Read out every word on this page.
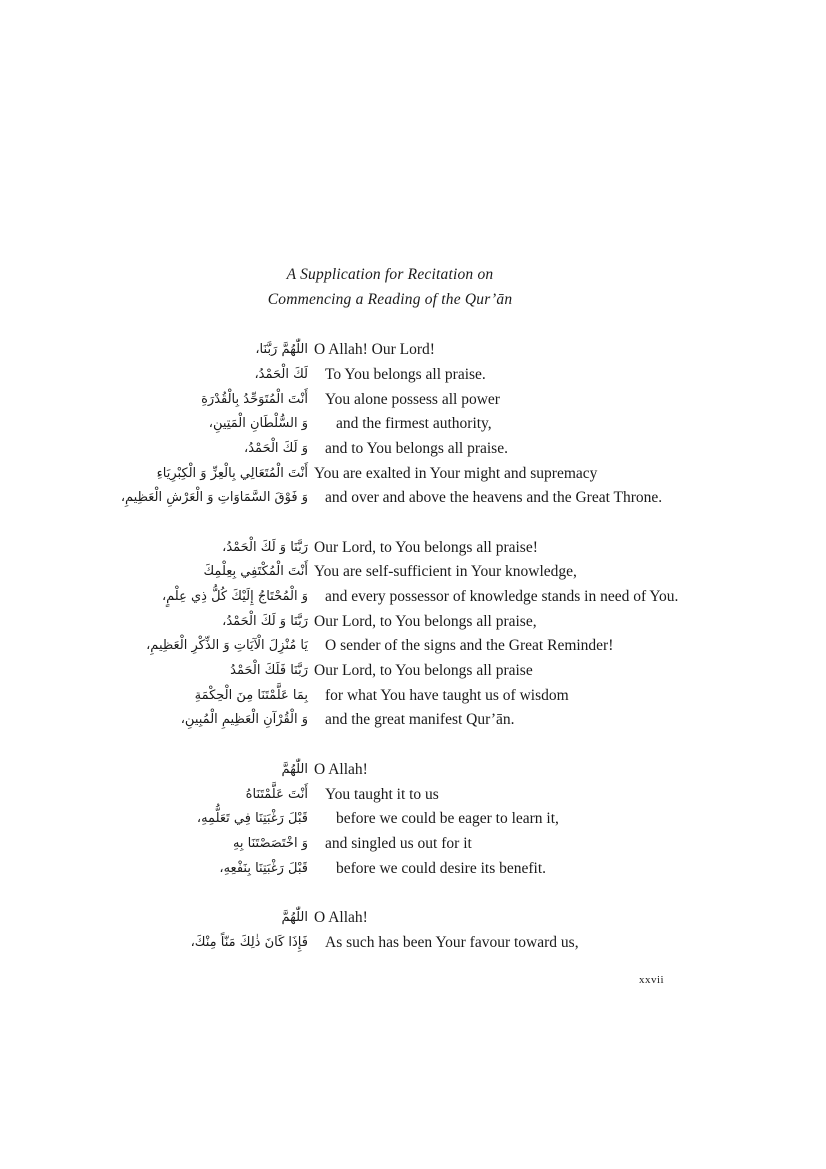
A Supplication for Recitation on
Commencing a Reading of the Qur’ān
اللّٰهُمَّ رَبَّنَا، O Allah! Our Lord!
لَكَ الْحَمْدُ، To You belongs all praise.
أَنْتَ الْمُتَوَحِّدُ بِالْقُدْرَةِ You alone possess all power
وَ السُّلْطَانِ الْمَتِينِ، and the firmest authority,
وَ لَكَ الْحَمْدُ، and to You belongs all praise.
أَنْتَ الْمُتَعَالِي بِالْعِزِّ وَ الْكِبْرِيَاءِ You are exalted in Your might and supremacy
وَ فَوْقَ السَّمَاوَاتِ وَ الْعَرْشِ الْعَظِيمِ، and over and above the heavens and the Great Throne.
رَبَّنَا وَ لَكَ الْحَمْدُ، Our Lord, to You belongs all praise!
أَنْتَ الْمُكْتَفِي بِعِلْمِكَ You are self-sufficient in Your knowledge,
وَ الْمُحْتَاجُ إِلَيْكَ كُلُّ ذِي عِلْمٍ، and every possessor of knowledge stands in need of You.
رَبَّنَا وَ لَكَ الْحَمْدُ، Our Lord, to You belongs all praise,
يَا مُنْزِلَ الْآيَاتِ وَ الذِّكْرِ الْعَظِيمِ، O sender of the signs and the Great Reminder!
رَبَّنَا فَلَكَ الْحَمْدُ Our Lord, to You belongs all praise
بِمَا عَلَّمْتَنَا مِنَ الْحِكْمَةِ for what You have taught us of wisdom
وَ الْقُرْآنِ الْعَظِيمِ الْمُبِينِ، and the great manifest Qur’ān.
اللّٰهُمَّ O Allah!
أَنْتَ عَلَّمْتَنَاهُ You taught it to us
قَبْلَ رَغْبَتِنَا فِي تَعَلُّمِهِ، before we could be eager to learn it,
وَ اخْتَصَصْتَنَا بِهِ and singled us out for it
قَبْلَ رَغْبَتِنَا بِنَفْعِهِ، before we could desire its benefit.
اللّٰهُمَّ O Allah!
فَإِذَا كَانَ ذٰلِكَ مَنّاً مِنْكَ، As such has been Your favour toward us,
xxvii
